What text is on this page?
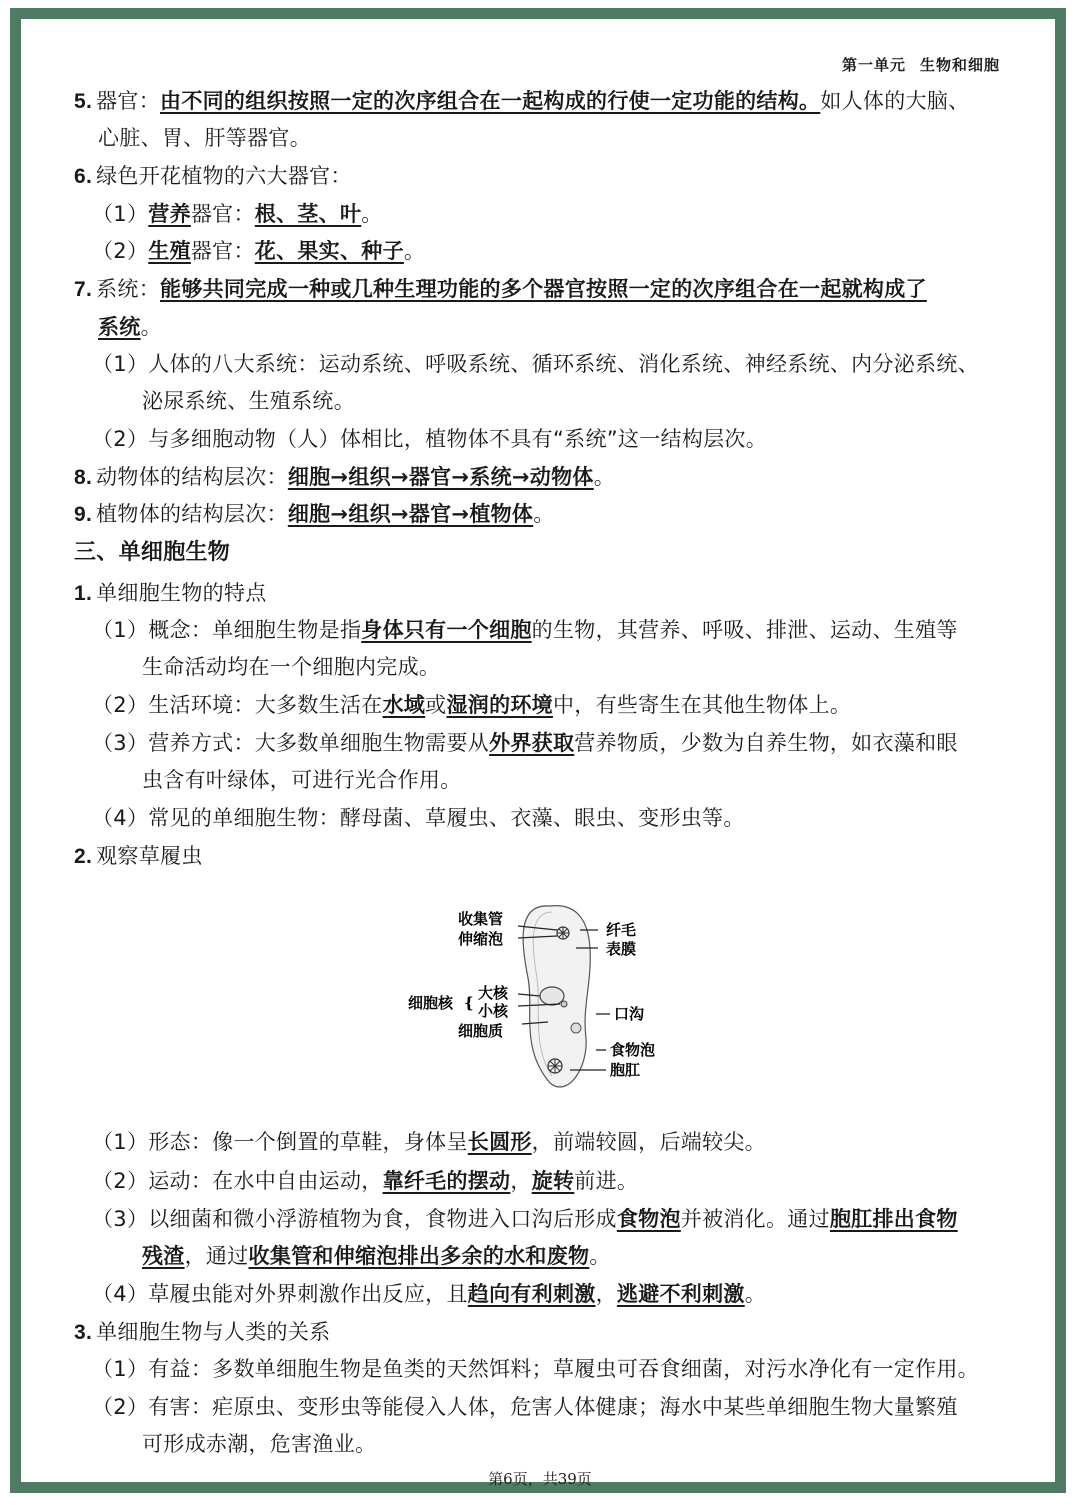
第一单元 生物和细胞
5. 器官：由不同的组织按照一定的次序组合在一起构成的行使一定功能的结构。如人体的大脑、
心脏、胃、肝等器官。
6. 绿色开花植物的六大器官：
（1）营养器官：根、茎、叶。
（2）生殖器官：花、果实、种子。
7. 系统：能够共同完成一种或几种生理功能的多个器官按照一定的次序组合在一起就构成了
系统。
（1）人体的八大系统：运动系统、呼吸系统、循环系统、消化系统、神经系统、内分泌系统、
泌尿系统、生殖系统。
（2）与多细胞动物（人）体相比，植物体不具有“系统”这一结构层次。
8. 动物体的结构层次：细胞→组织→器官→系统→动物体。
9. 植物体的结构层次：细胞→组织→器官→植物体。
三、单细胞生物
1. 单细胞生物的特点
（1）概念：单细胞生物是指身体只有一个细胞的生物，其营养、呼吸、排泄、运动、生殖等
生命活动均在一个细胞内完成。
（2）生活环境：大多数生活在水域或湿润的环境中，有些寄生在其他生物体上。
（3）营养方式：大多数单细胞生物需要从外界获取营养物质，少数为自养生物，如衣藻和眼
虫含有叶绿体，可进行光合作用。
（4）常见的单细胞生物：酵母菌、草履虫、衣藻、眼虫、变形虫等。
2. 观察草履虫
收集管
伸缩泡	纤毛
表膜
细胞核 {
大核
小核
细胞质
口沟
食物泡
胞肛
（1）形态：像一个倒置的草鞋，身体呈长圆形，前端较圆，后端较尖。
（2）运动：在水中自由运动，靠纤毛的摆动，旋转前进。
（3）以细菌和微小浮游植物为食，食物进入口沟后形成食物泡并被消化。通过胞肛排出食物
残渣，通过收集管和伸缩泡排出多余的水和废物。
（4）草履虫能对外界刺激作出反应，且趋向有利刺激，逃避不利刺激。
3. 单细胞生物与人类的关系
（1）有益：多数单细胞生物是鱼类的天然饵料；草履虫可吞食细菌，对污水净化有一定作用。
（2）有害：疟原虫、变形虫等能侵入人体，危害人体健康；海水中某些单细胞生物大量繁殖
可形成赤潮，危害渔业。
第6页，共39页
